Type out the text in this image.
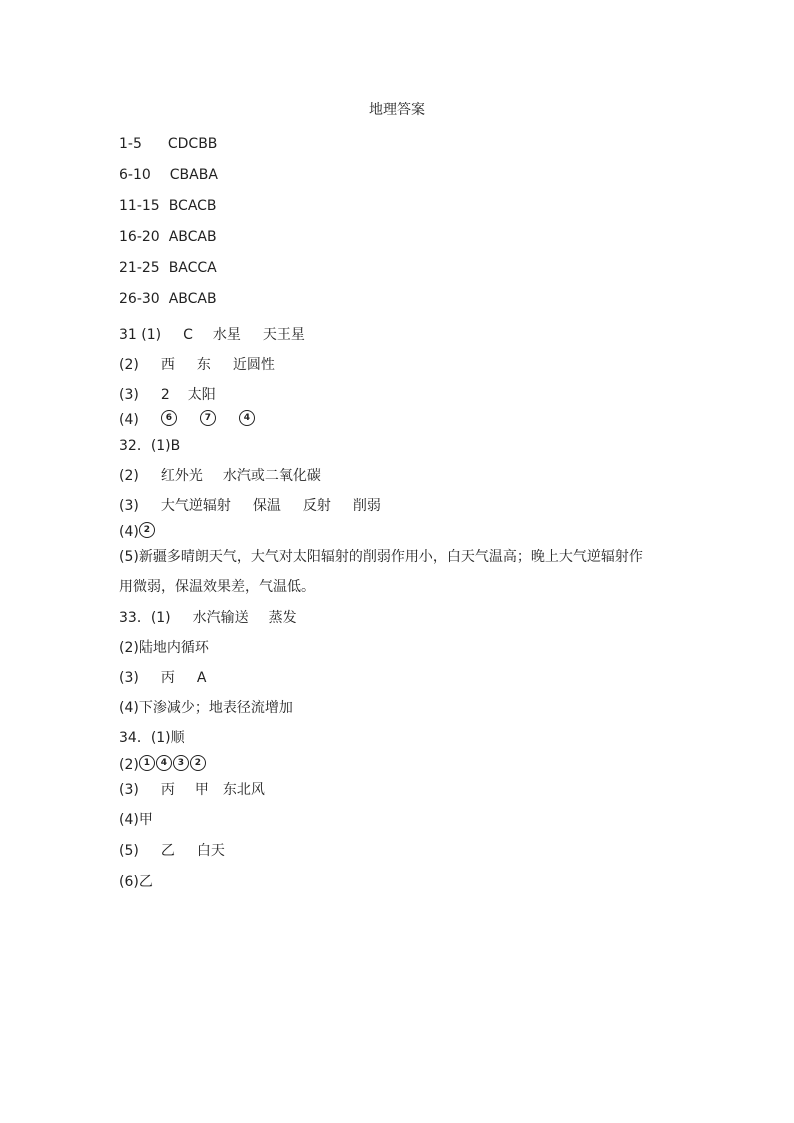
地理答案
1-5 CDCBB
6-10 CBABA
11-15 BCACB
16-20 ABCAB
21-25 BACCA
26-30 ABCAB
31 (1) C 水星 天王星
(2) 西 东 近圆性
(3) 2 太阳
(4)	6	7	4
32．(1)B
(2) 红外光 水汽或二氧化碳
(3) 大气逆辐射 保温 反射 削弱
(4) 2
(5)新疆多晴朗天气，大气对太阳辐射的削弱作用小，白天气温高；晚上大气逆辐射作
用微弱，保温效果差，气温低。
33．(1) 水汽输送 蒸发
(2)陆地内循环
(3) 丙 A
(4)下渗减少；地表径流增加
34．(1)顺
(2) 1 4 3 2
(3) 丙 甲 东北风
(4)甲
(5) 乙 白天
(6)乙
